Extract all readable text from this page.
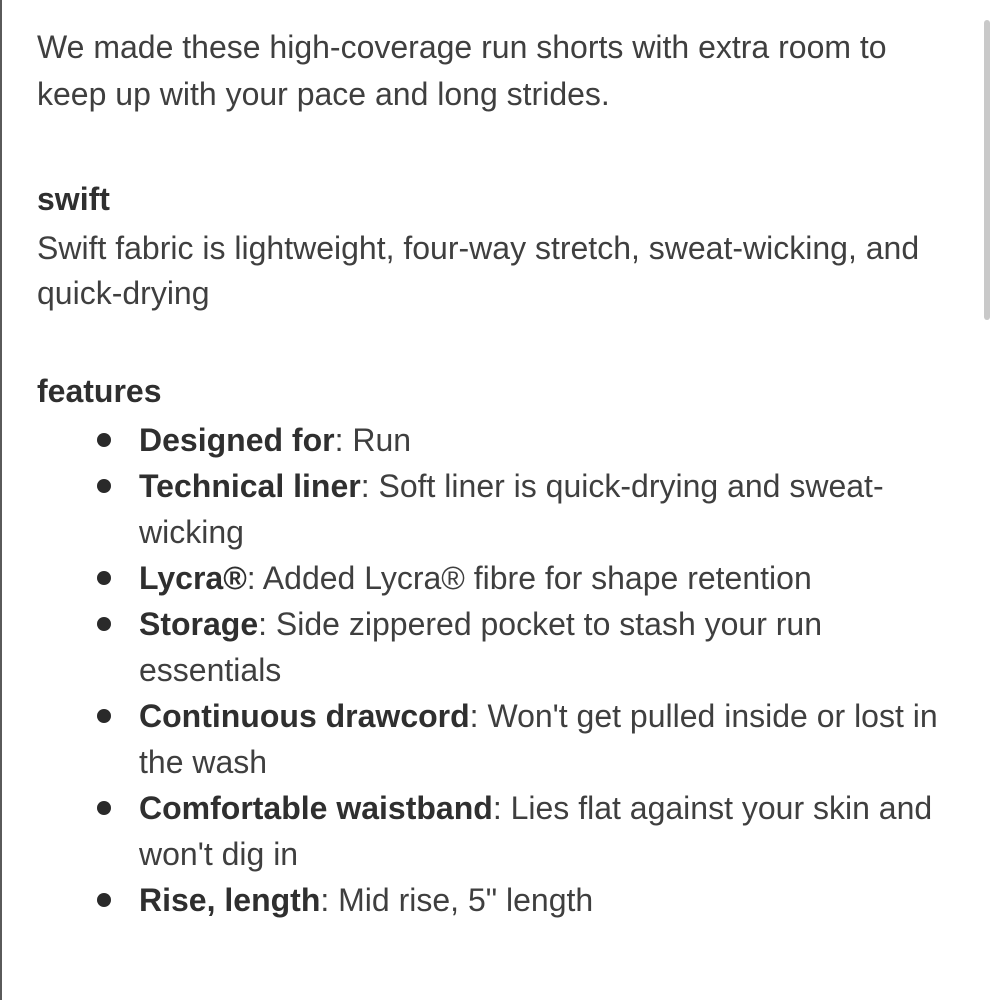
We made these high-coverage run shorts with extra room to keep up with your pace and long strides.

swift

Swift fabric is lightweight, four-way stretch, sweat-wicking, and quick-drying

features
Designed for: Run
Technical liner: Soft liner is quick-drying and sweat-wicking
Lycra®: Added Lycra® fibre for shape retention
Storage: Side zippered pocket to stash your run essentials
Continuous drawcord: Won't get pulled inside or lost in the wash
Comfortable waistband: Lies flat against your skin and won't dig in
Rise, length: Mid rise, 5" length
